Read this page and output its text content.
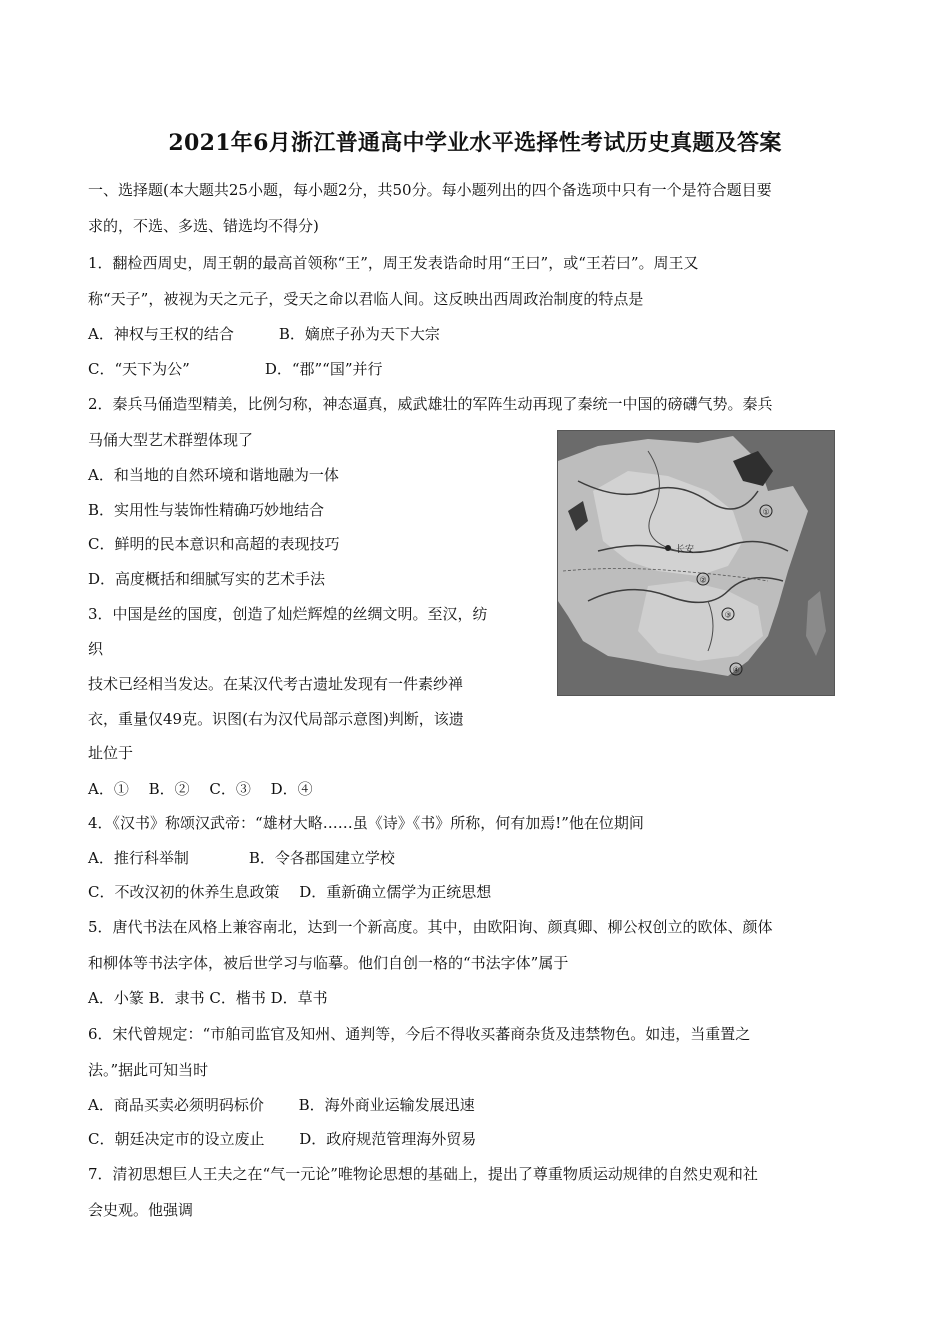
2021年6月浙江普通高中学业水平选择性考试历史真题及答案
一、选择题(本大题共25小题，每小题2分，共50分。每小题列出的四个备选项中只有一个是符合题目要
求的，不选、多选、错选均不得分)
1．翻检西周史，周王朝的最高首领称“王”，周王发表诰命时用“王曰”，或“王若曰”。周王又
称“天子”，被视为天之元子，受天之命以君临人间。这反映出西周政治制度的特点是
A．神权与王权的结合　　　B．嫡庶子孙为天下大宗
C．“天下为公”　　　　　D．“郡”“国”并行
2．秦兵马俑造型精美，比例匀称，神态逼真，威武雄壮的军阵生动再现了秦统一中国的磅礴气势。秦兵
马俑大型艺术群塑体现了
A．和当地的自然环境和谐地融为一体
B．实用性与装饰性精确巧妙地结合
C．鲜明的民本意识和高超的表现技巧
D．高度概括和细腻写实的艺术手法
3．中国是丝的国度，创造了灿烂辉煌的丝绸文明。至汉，纺
织
技术已经相当发达。在某汉代考古遗址发现有一件素纱禅
衣，重量仅49克。识图(右为汉代局部示意图)判断，该遗
址位于
A．①　 B．②　 C．③　 D．④
长安
①
②
③
④
4．《汉书》称颂汉武帝：“雄材大略……虽《诗》《书》所称，何有加焉!”他在位期间
A．推行科举制　　　　B．令各郡国建立学校
C．不改汉初的休养生息政策　 D．重新确立儒学为正统思想
5．唐代书法在风格上兼容南北，达到一个新高度。其中，由欧阳询、颜真卿、柳公权创立的欧体、颜体
和柳体等书法字体，被后世学习与临摹。他们自创一格的“书法字体”属于
A．小篆 B．隶书 C．楷书 D．草书
6．宋代曾规定：“市舶司监官及知州、通判等，今后不得收买蕃商杂货及违禁物色。如违，当重置之
法。”据此可知当时
A．商品买卖必须明码标价　　 B．海外商业运输发展迅速
C．朝廷决定市的设立废止　　 D．政府规范管理海外贸易
7．清初思想巨人王夫之在“气一元论”唯物论思想的基础上，提出了尊重物质运动规律的自然史观和社
会史观。他强调
